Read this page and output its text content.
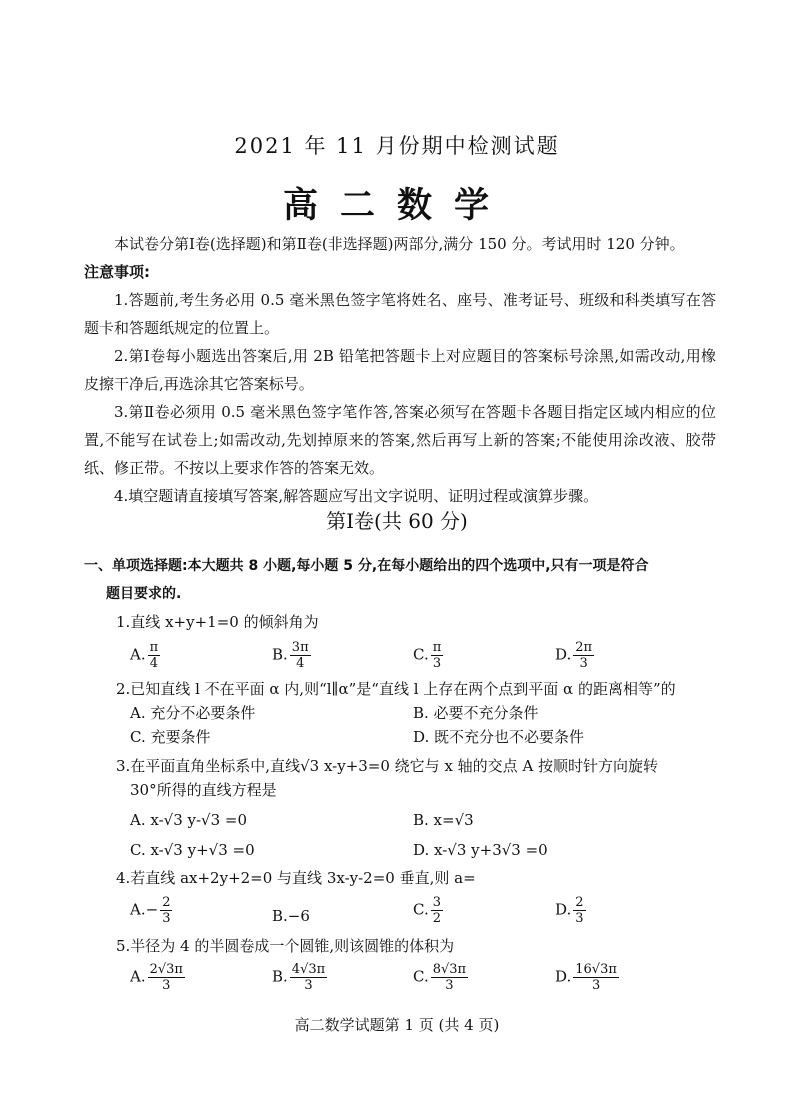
2021 年 11 月份期中检测试题
高二数学
本试卷分第Ⅰ卷(选择题)和第Ⅱ卷(非选择题)两部分,满分 150 分。考试用时 120 分钟。
注意事项:
1.答题前,考生务必用 0.5 毫米黑色签字笔将姓名、座号、准考证号、班级和科类填写在答题卡和答题纸规定的位置上。
2.第Ⅰ卷每小题选出答案后,用 2B 铅笔把答题卡上对应题目的答案标号涂黑,如需改动,用橡皮擦干净后,再选涂其它答案标号。
3.第Ⅱ卷必须用 0.5 毫米黑色签字笔作答,答案必须写在答题卡各题目指定区域内相应的位置,不能写在试卷上;如需改动,先划掉原来的答案,然后再写上新的答案;不能使用涂改液、胶带纸、修正带。不按以上要求作答的答案无效。
4.填空题请直接填写答案,解答题应写出文字说明、证明过程或演算步骤。
第Ⅰ卷(共 60 分)
一、单项选择题:本大题共 8 小题,每小题 5 分,在每小题给出的四个选项中,只有一项是符合
题目要求的.
1.直线 x+y+1=0 的倾斜角为
A. $\frac{\pi}{4}$	B. $\frac{3\pi}{4}$	C. $\frac{\pi}{3}$	D. $\frac{2\pi}{3}$
2.已知直线 l 不在平面 α 内,则“l∥α”是“直线 l 上存在两个点到平面 α 的距离相等”的
A. 充分不必要条件	B. 必要不充分条件
C. 充要条件	D. 既不充分也不必要条件
3.在平面直角坐标系中,直线√3 x-y+3=0 绕它与 x 轴的交点 A 按顺时针方向旋转
30°所得的直线方程是
A. x-√3 y-√3 =0	B. x=√3
C. x-√3 y+√3 =0	D. x-√3 y+3√3 =0
4.若直线 ax+2y+2=0 与直线 3x-y-2=0 垂直,则 a=
$A.- \frac{2}{3}$	B.−6	C. $\frac{3}{2}$	D. $\frac{2}{3}$
5.半径为 4 的半圆卷成一个圆锥,则该圆锥的体积为
A. $\frac{2√3\pi}{3}$	B. $\frac{4√3\pi}{3}$	C. $\frac{8√3\pi}{3}$	D. $\frac{16√3\pi}{3}$
高二数学试题第 1 页 (共 4 页)
